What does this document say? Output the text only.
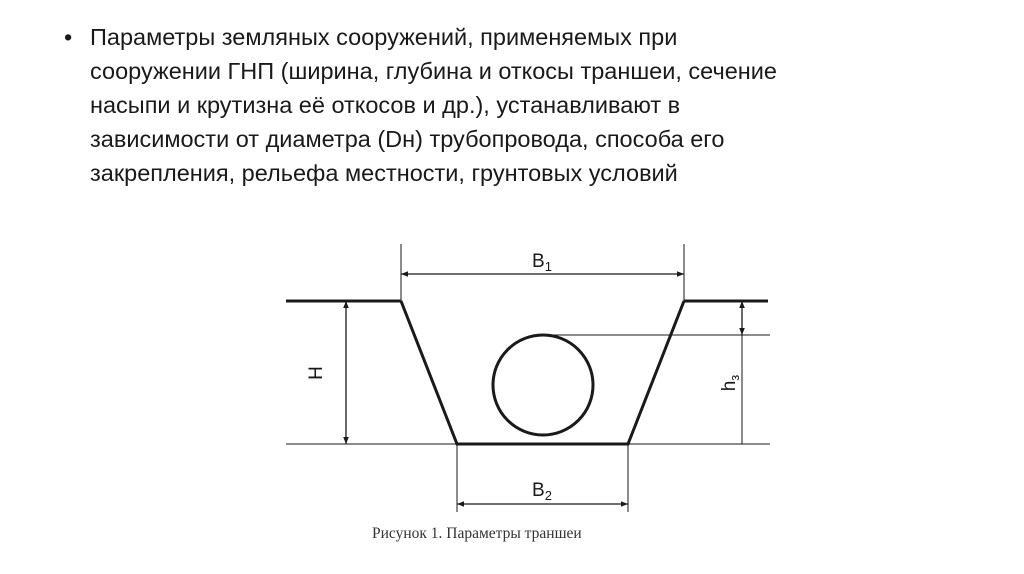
• Параметры земляных сооружений, применяемых при
сооружении ГНП (ширина, глубина и откосы траншеи, сечение
насыпи и крутизна её откосов и др.), устанавливают в
зависимости от диаметра (Dн) трубопровода, способа его
закрепления, рельефа местности, грунтовых условий
$B_1$
$B_2$
H
$h_з$
Рисунок 1. Параметры траншеи
